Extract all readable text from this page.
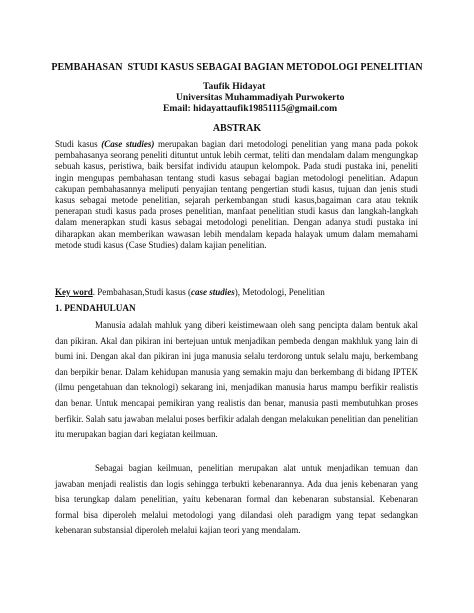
PEMBAHASAN  STUDI KASUS SEBAGAI BAGIAN METODOLOGI PENELITIAN
Taufik Hidayat
Universitas Muhammadiyah Purwokerto
Email: hidayattaufik19851115@gmail.com
ABSTRAK
Studi kasus (Case studies) merupakan bagian dari metodologi penelitian yang mana pada pokok pembahasanya seorang peneliti dituntut untuk lebih cermat, teliti dan mendalam dalam mengungkap sebuah kasus, peristiwa, baik bersifat individu ataupun kelompok. Pada studi pustaka ini, peneliti ingin mengupas pembahasan tentang studi kasus sebagai bagian metodologi penelitian. Adapun cakupan pembahasannya meliputi penyajian tentang pengertian studi kasus, tujuan dan jenis studi kasus sebagai metode penelitian, sejarah perkembangan studi kasus,bagaiman cara atau teknik penerapan studi kasus pada proses penelitian, manfaat penelitian studi kasus dan langkah-langkah dalam menerapkan studi kasus sebagai metodologi penelitian. Dengan adanya studi pustaka ini diharapkan akan memberikan wawasan lebih mendalam kepada halayak umum dalam memahami metode studi kasus (Case Studies) dalam kajian penelitian.
Key word. Pembahasan,Studi kasus (case studies), Metodologi, Penelitian
1. PENDAHULUAN
Manusia adalah mahluk yang diberi keistimewaan oleh sang pencipta dalam bentuk akal dan pikiran. Akal dan pikiran ini bertejuan untuk menjadikan pembeda dengan makhluk yang lain di bumi ini. Dengan akal dan pikiran ini juga manusia selalu terdorong untuk selalu maju, berkembang dan berpikir benar. Dalam kehidupan manusia yang semakin maju dan berkembang di bidang IPTEK (ilmu pengetahuan dan teknologi) sekarang ini, menjadikan manusia harus mampu berfikir realistis dan benar. Untuk mencapai pemikiran yang realistis dan benar, manusia pasti membutuhkan proses berfikir. Salah satu jawaban melalui poses berfikir adalah dengan melakukan penelitian dan penelitian itu merupakan bagian dari kegiatan keilmuan.
Sebagai bagian keilmuan, penelitian merupakan alat untuk menjadikan temuan dan jawaban menjadi realistis dan logis sehingga terbukti kebenarannya. Ada dua jenis kebenaran yang bisa terungkap dalam penelitian, yaitu kebenaran formal dan kebenaran substansial. Kebenaran formal bisa diperoleh melalui metodologi yang dilandasi oleh paradigm yang tepat sedangkan kebenaran substansial diperoleh melalui kajian teori yang mendalam.
